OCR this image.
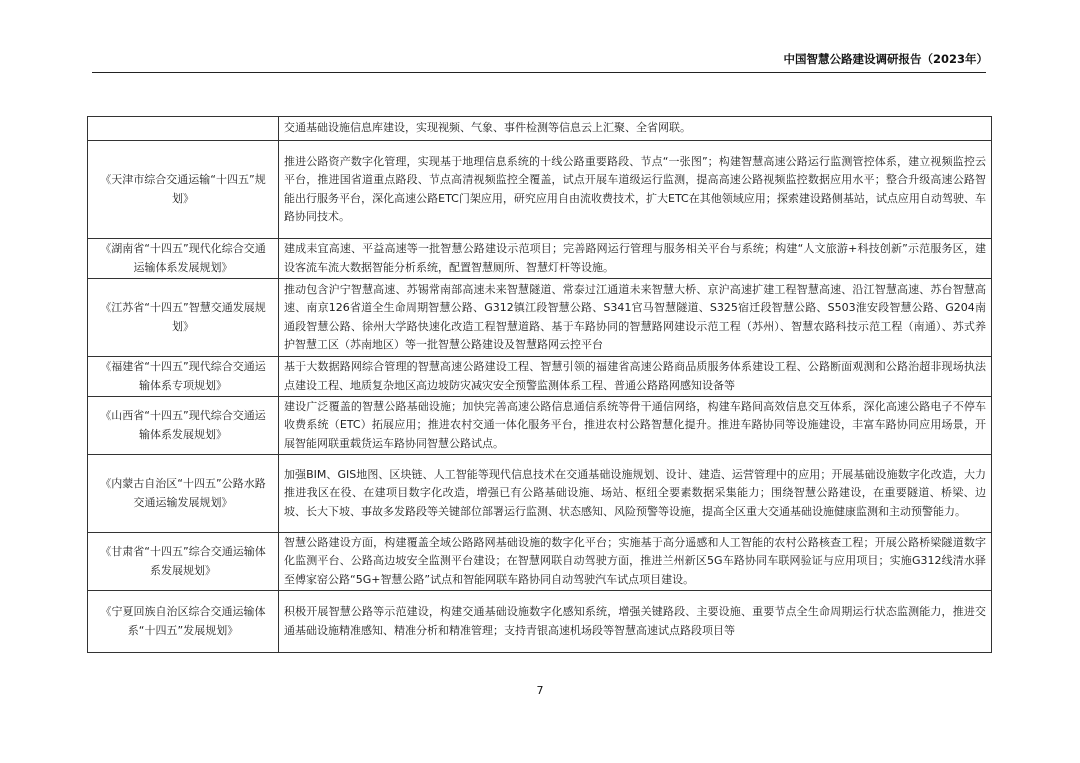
中国智慧公路建设调研报告（2023年）
	交通基础设施信息库建设，实现视频、气象、事件检测等信息云上汇聚、全省网联。
《天津市综合交通运输“十四五”规划》	推进公路资产数字化管理，实现基于地理信息系统的十线公路重要路段、节点“一张图”；构建智慧高速公路运行监测管控体系，建立视频监控云平台，推进国省道重点路段、节点高清视频监控全覆盖，试点开展车道级运行监测，提高高速公路视频监控数据应用水平；整合升级高速公路智能出行服务平台，深化高速公路ETC门架应用，研究应用自由流收费技术，扩大ETC在其他领域应用；探索建设路侧基站，试点应用自动驾驶、车路协同技术。
《湖南省“十四五”现代化综合交通运输体系发展规划》	建成耒宜高速、平益高速等一批智慧公路建设示范项目；完善路网运行管理与服务相关平台与系统；构建“人文旅游+科技创新”示范服务区，建设客流车流大数据智能分析系统，配置智慧厕所、智慧灯杆等设施。
《江苏省“十四五”智慧交通发展规划》	推动包含沪宁智慧高速、苏锡常南部高速未来智慧隧道、常泰过江通道未来智慧大桥、京沪高速扩建工程智慧高速、沿江智慧高速、苏台智慧高速、南京126省道全生命周期智慧公路、G312镇江段智慧公路、S341官马智慧隧道、S325宿迁段智慧公路、S503淮安段智慧公路、G204南通段智慧公路、徐州大学路快速化改造工程智慧道路、基于车路协同的智慧路网建设示范工程（苏州）、智慧农路科技示范工程（南通）、苏式养护智慧工区（苏南地区）等一批智慧公路建设及智慧路网云控平台
《福建省“十四五”现代综合交通运输体系专项规划》	基于大数据路网综合管理的智慧高速公路建设工程、智慧引领的福建省高速公路商品质服务体系建设工程、公路断面观测和公路治超非现场执法点建设工程、地质复杂地区高边坡防灾减灾安全预警监测体系工程、普通公路路网感知设备等
《山西省“十四五”现代综合交通运输体系发展规划》	建设广泛覆盖的智慧公路基础设施；加快完善高速公路信息通信系统等骨干通信网络，构建车路间高效信息交互体系，深化高速公路电子不停车收费系统（ETC）拓展应用；推进农村交通一体化服务平台，推进农村公路智慧化提升。推进车路协同等设施建设，丰富车路协同应用场景，开展智能网联重载货运车路协同智慧公路试点。
《内蒙古自治区“十四五”公路水路交通运输发展规划》	加强BIM、GIS地图、区块链、人工智能等现代信息技术在交通基础设施规划、设计、建造、运营管理中的应用；开展基础设施数字化改造，大力推进我区在役、在建项目数字化改造，增强已有公路基础设施、场站、枢纽全要素数据采集能力；围绕智慧公路建设，在重要隧道、桥梁、边坡、长大下坡、事故多发路段等关键部位部署运行监测、状态感知、风险预警等设施，提高全区重大交通基础设施健康监测和主动预警能力。
《甘肃省“十四五”综合交通运输体系发展规划》	智慧公路建设方面，构建覆盖全域公路路网基础设施的数字化平台；实施基于高分遥感和人工智能的农村公路核查工程；开展公路桥梁隧道数字化监测平台、公路高边坡安全监测平台建设；在智慧网联自动驾驶方面，推进兰州新区5G车路协同车联网验证与应用项目；实施G312线清水驿至傅家窑公路“5G+智慧公路”试点和智能网联车路协同自动驾驶汽车试点项目建设。
《宁夏回族自治区综合交通运输体系“十四五”发展规划》	积极开展智慧公路等示范建设，构建交通基础设施数字化感知系统，增强关键路段、主要设施、重要节点全生命周期运行状态监测能力，推进交通基础设施精准感知、精准分析和精准管理；支持青银高速机场段等智慧高速试点路段项目等
7
